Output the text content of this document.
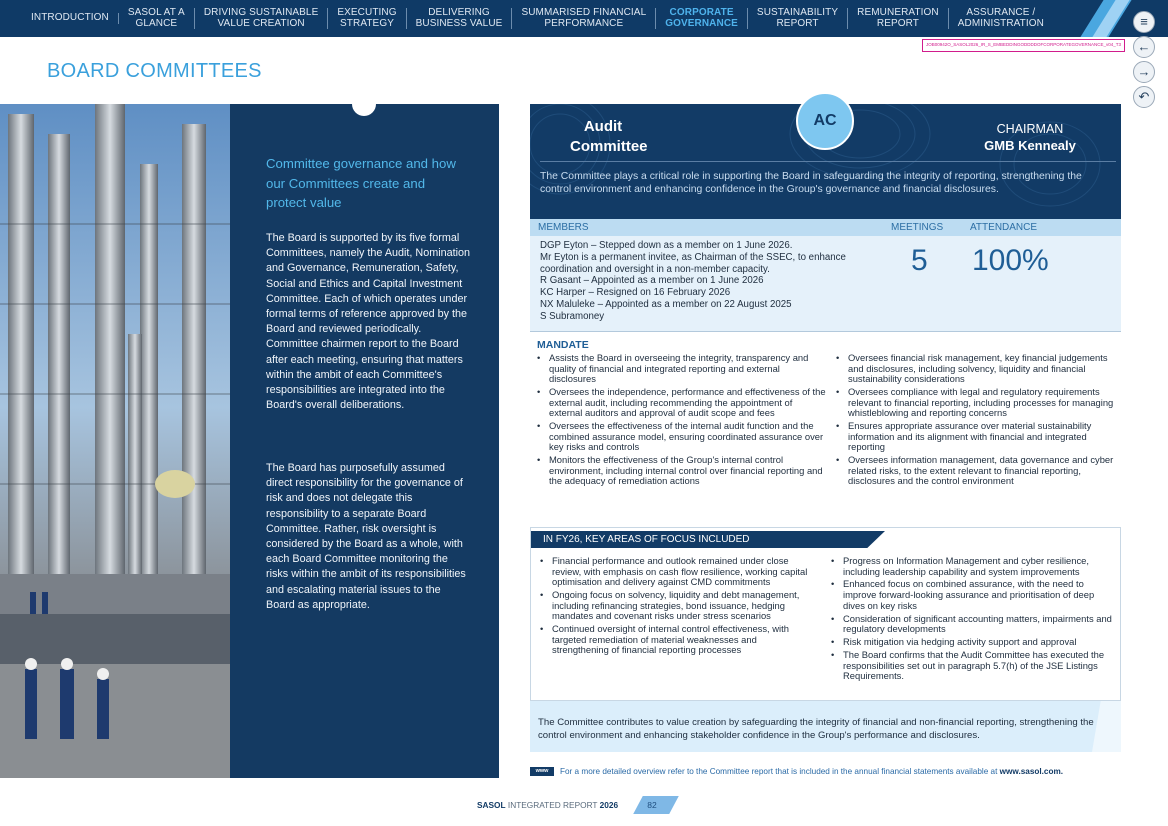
INTRODUCTION	SASOL AT A
GLANCE
DRIVING SUSTAINABLE
VALUE CREATION
EXECUTING
STRATEGY
DELIVERING
BUSINESS VALUE
SUMMARISED FINANCIAL
PERFORMANCE
CORPORATE
GOVERNANCE
SUSTAINABILITY
REPORT
REMUNERATION
REPORT
ASSURANCE /
ADMINISTRATION	≡
←
→
↶
JOB00942O_SASOL2026_IR_S_EMBEDDINGODDDDOFCORPORATEGOVERNANCE_v04_T3
BOARD COMMITTEES
Committee governance and how our Committees create and protect value
The Board is supported by its five formal Committees, namely the Audit, Nomination and Governance, Remuneration, Safety, Social and Ethics and Capital Investment Committee. Each of which operates under formal terms of reference approved by the Board and reviewed periodically. Committee chairmen report to the Board after each meeting, ensuring that matters within the ambit of each Committee's responsibilities are integrated into the Board's overall deliberations.
The Board has purposefully assumed direct responsibility for the governance of risk and does not delegate this responsibility to a separate Board Committee. Rather, risk oversight is considered by the Board as a whole, with each Board Committee monitoring the risks within the ambit of its responsibilities and escalating material issues to the Board as appropriate.
Audit Committee
AC	CHAIRMAN
GMB Kennealy
The Committee plays a critical role in supporting the Board in safeguarding the integrity of reporting, strengthening the control environment and enhancing confidence in the Group's governance and financial disclosures.
MEMBERS	MEETINGS	ATTENDANCE
DGP Eyton – Stepped down as a member on 1 June 2026.
Mr Eyton is a permanent invitee, as Chairman of the SSEC, to enhance
coordination and oversight in a non-member capacity.
R Gasant – Appointed as a member on 1 June 2026
KC Harper – Resigned on 16 February 2026
NX Maluleke – Appointed as a member on 22 August 2025
S Subramoney
5 100%
MANDATE
• Assists the Board in overseeing the integrity, transparency and quality of financial and integrated reporting and external disclosures
• Oversees the independence, performance and effectiveness of the external audit, including recommending the appointment of external auditors and approval of audit scope and fees
• Oversees the effectiveness of the internal audit function and the combined assurance model, ensuring coordinated assurance over key risks and controls
• Monitors the effectiveness of the Group's internal control environment, including internal control over financial reporting and the adequacy of remediation actions
• Oversees financial risk management, key financial judgements and disclosures, including solvency, liquidity and financial sustainability considerations
• Oversees compliance with legal and regulatory requirements relevant to financial reporting, including processes for managing whistleblowing and reporting concerns
• Ensures appropriate assurance over material sustainability information and its alignment with financial and integrated reporting
• Oversees information management, data governance and cyber related risks, to the extent relevant to financial reporting, disclosures and the control environment
IN FY26, KEY AREAS OF FOCUS INCLUDED
• Financial performance and outlook remained under close review, with emphasis on cash flow resilience, working capital optimisation and delivery against CMD commitments
• Ongoing focus on solvency, liquidity and debt management, including refinancing strategies, bond issuance, hedging mandates and covenant risks under stress scenarios
• Continued oversight of internal control effectiveness, with targeted remediation of material weaknesses and strengthening of financial reporting processes
• Progress on Information Management and cyber resilience, including leadership capability and system improvements
• Enhanced focus on combined assurance, with the need to improve forward-looking assurance and prioritisation of deep dives on key risks
• Consideration of significant accounting matters, impairments and regulatory developments
• Risk mitigation via hedging activity support and approval
• The Board confirms that the Audit Committee has executed the responsibilities set out in paragraph 5.7(h) of the JSE Listings Requirements.
The Committee contributes to value creation by safeguarding the integrity of financial and non-financial reporting, strengthening the control environment and enhancing stakeholder confidence in the Group's performance and disclosures.
www	For a more detailed overview refer to the Committee report that is included in the annual financial statements available at www.sasol.com.
SASOL INTEGRATED REPORT 2026	82
